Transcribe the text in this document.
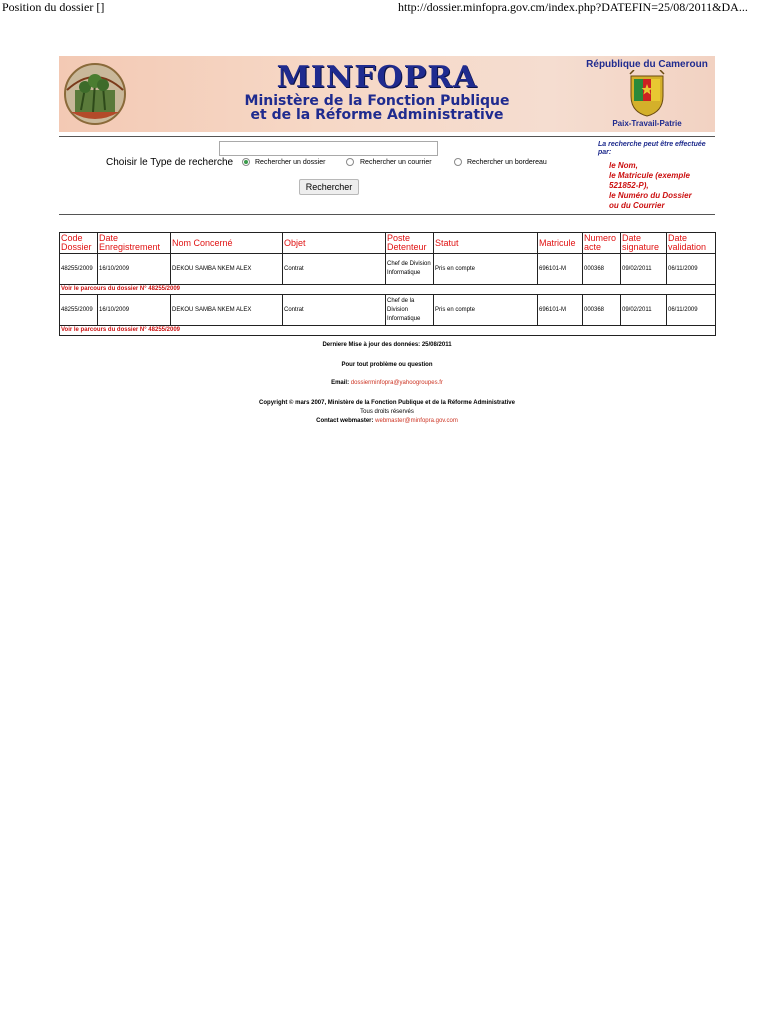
Position du dossier []	http://dossier.minfopra.gov.cm/index.php?DATEFIN=25/08/2011&DA...
MINFOPRA
Ministère de la Fonction Publique
et de la Réforme Administrative
République du Cameroun
Paix-Travail-Patrie
Choisir le Type de recherche	Rechercher un dossier	Rechercher un courrier	Rechercher un bordereau
Rechercher
La recherche peut être effectuée par:
le Nom,
le Matricule (exemple
521852-P),
le Numéro du Dossier
ou du Courrier
Code Dossier	Date Enregistrement	Nom Concerné	Objet	Poste Detenteur	Statut	Matricule	Numero acte	Date signature	Date validation
48255/2009	16/10/2009	DEKOU SAMBA NKEM ALEX	Contrat	Chef de Division Informatique	Pris en compte	696101-M	000368	09/02/2011	06/11/2009
Voir le parcours du dossier N° 48255/2009									
48255/2009	16/10/2009	DEKOU SAMBA NKEM ALEX	Contrat	Chef de la Division Informatique	Pris en compte	696101-M	000368	09/02/2011	06/11/2009
Voir le parcours du dossier N° 48255/2009									
Derniere Mise à jour des données: 25/08/2011
Pour tout problème ou question
Email: dossierminfopra@yahoogroupes.fr
Copyright © mars 2007, Ministère de la Fonction Publique et de la Réforme Administrative
Tous droits réservés
Contact webmaster: webmaster@minfopra.gov.com
